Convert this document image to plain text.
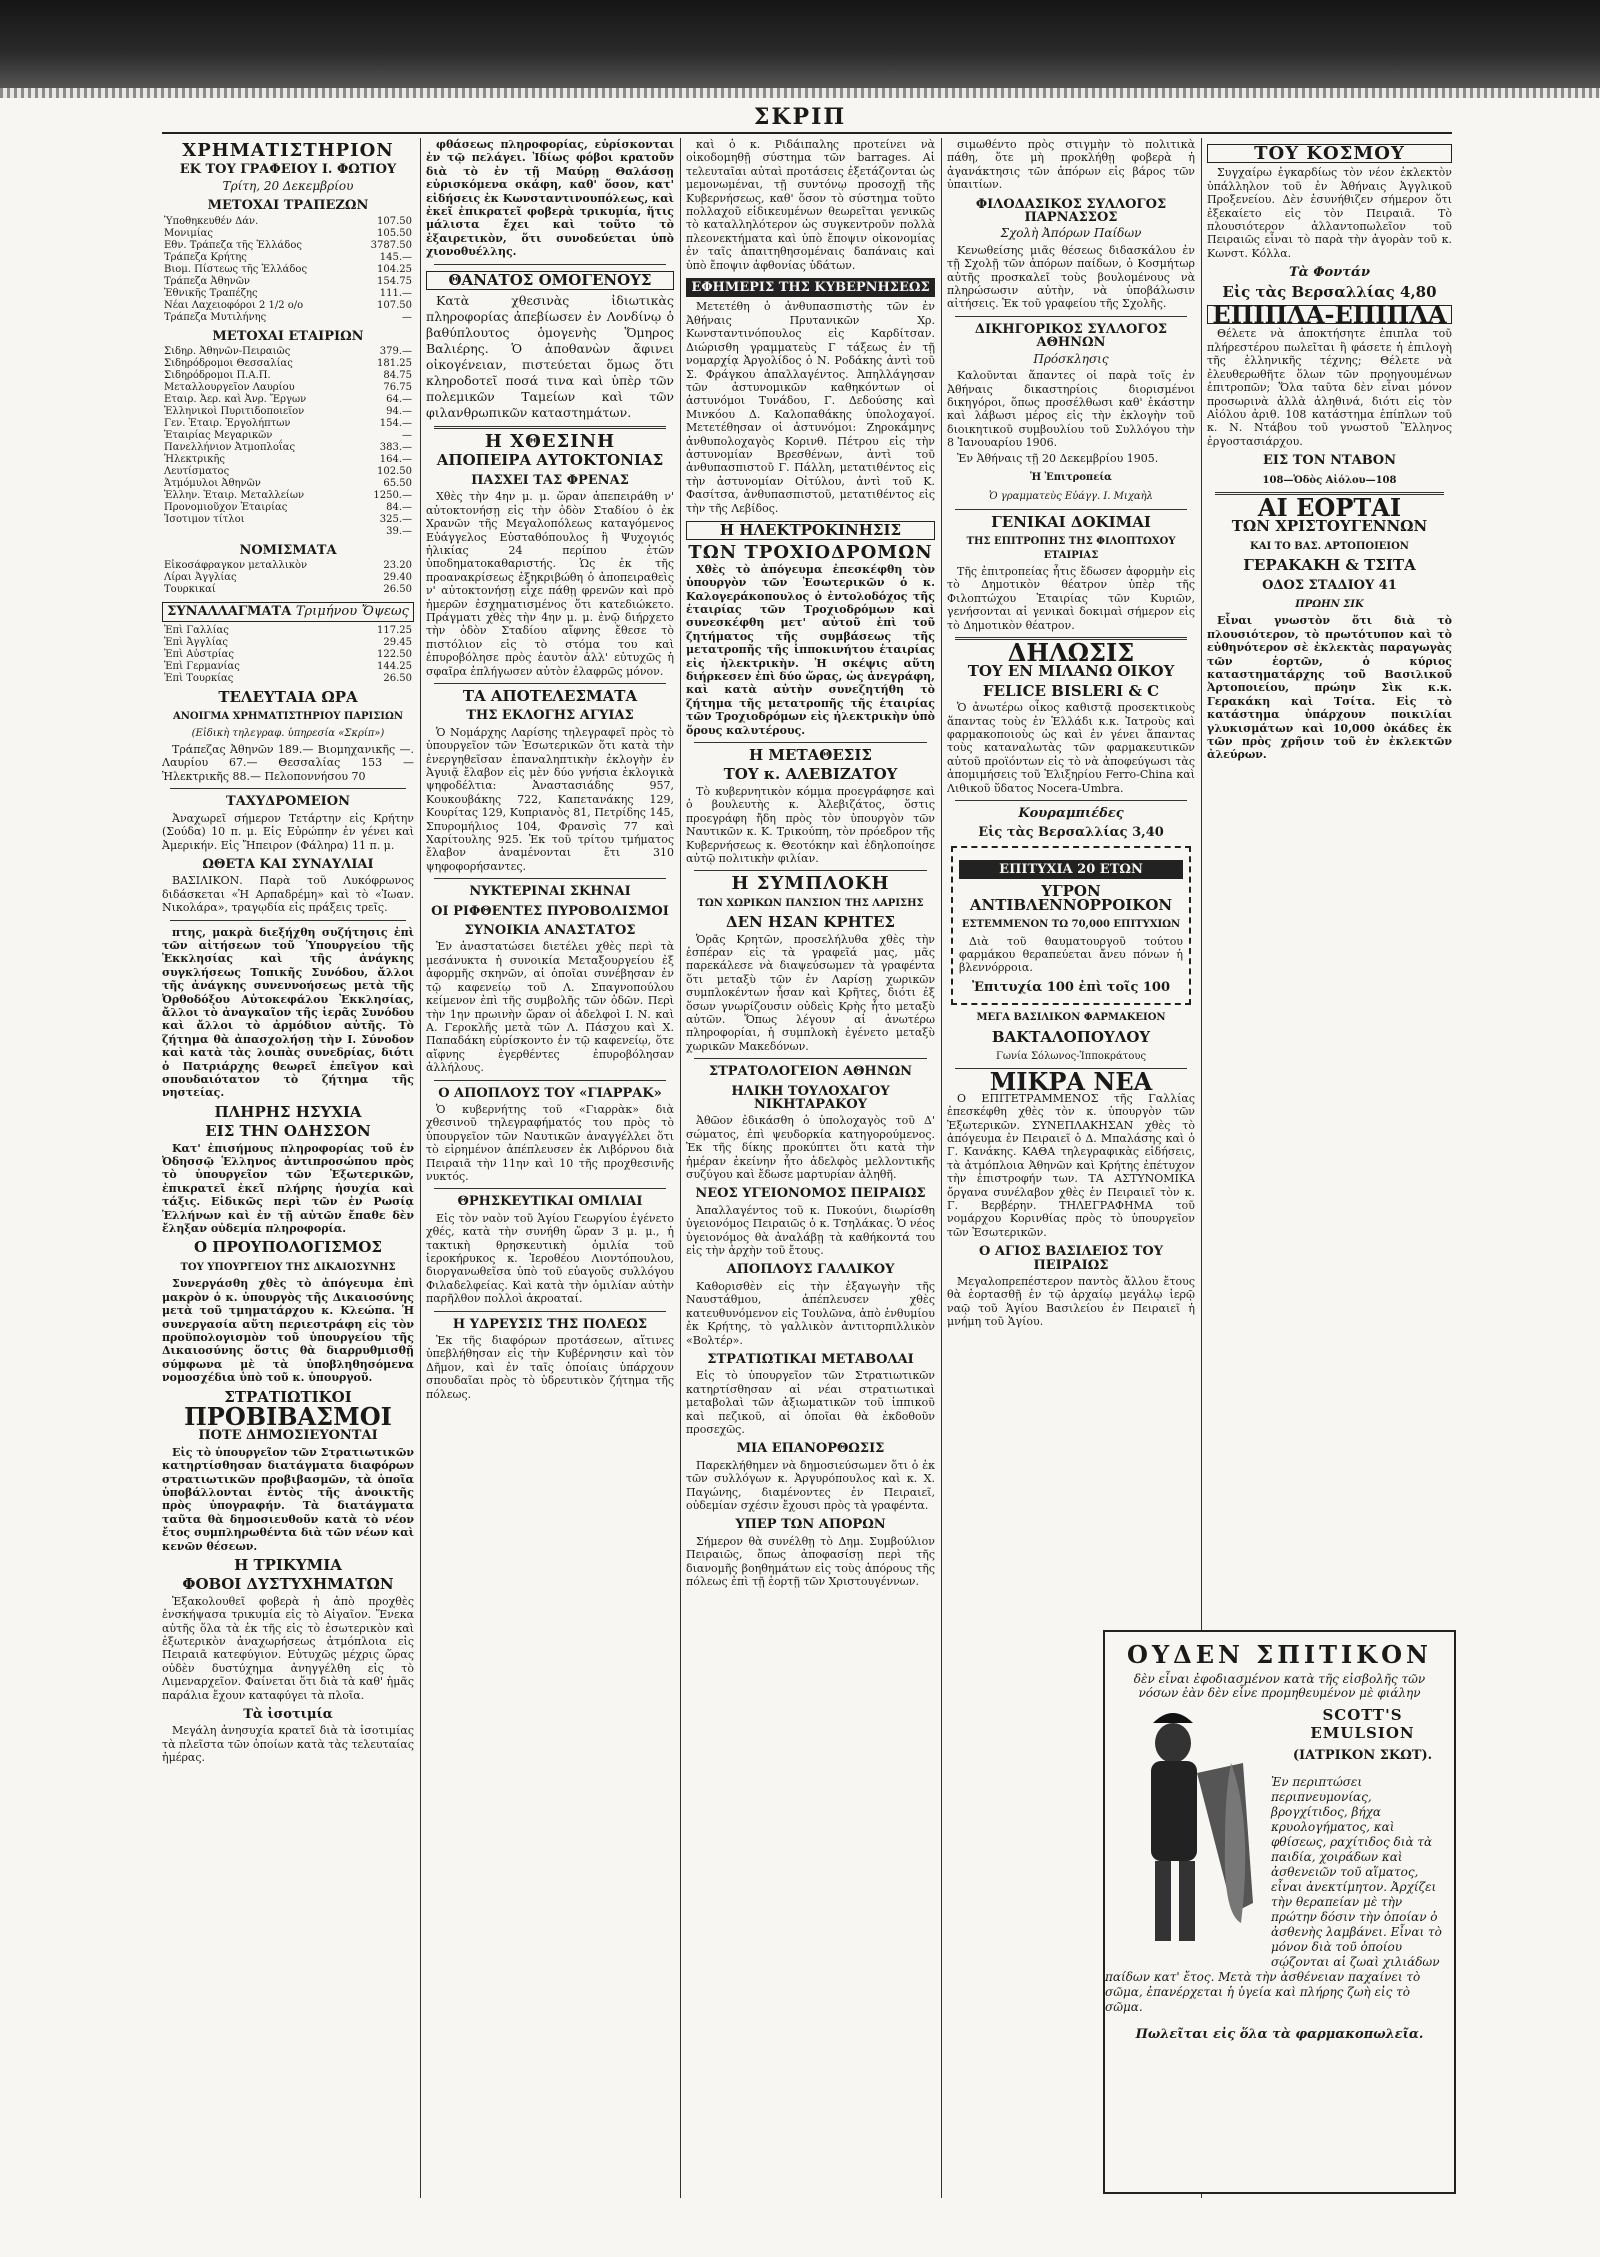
ΣΚΡΙΠ
ΧΡΗΜΑΤΙΣΤΗΡΙΟΝ
ΕΚ ΤΟΥ ΓΡΑΦΕΙΟΥ Ι. ΦΩΤΙΟΥ
Τρίτη, 20 Δεκεμβρίου
ΜΕΤΟΧΑΙ ΤΡΑΠΕΖΩΝ
Ὑποθηκευθέν Δάν.	107.50
Μονιμίας	105.50
Εθν. Τράπεζα τῆς Ἑλλάδος	3787.50
Τράπεζα Κρήτης	145.—
Βιομ. Πίστεως τῆς Ἑλλάδος	104.25
Τράπεζα Ἀθηνῶν	154.75
Ἐθνικῆς Τραπέζης	111.—
Νέαι Λαχειοφόροι 2 1/2 ο/ο	107.50
Τράπεζα Μυτιλήνης	—
ΜΕΤΟΧΑΙ ΕΤΑΙΡΙΩΝ
Σιδηρ. Ἀθηνῶν-Πειραιῶς	379.—
Σιδηρόδρομοι Θεσσαλίας	181.25
Σιδηρόδρομοι Π.Α.Π.	84.75
Μεταλλουργεῖον Λαυρίου	76.75
Εταιρ. Ἀερ. καὶ Ἀνρ. Ἔργων	64.—
Ἑλληνικοὶ Πυριτιδοποιεῖον	94.—
Γεν. Ἑταιρ. Ἐργολήπτων	154.—
Ἑταιρίας Μεγαρικῶν	—
Πανελλήνιον Ἀτμοπλοΐας	383.—
Ἠλεκτρικῆς	164.—
Λευτίσματος	102.50
Ἀτμόμυλοι Ἀθηνῶν	65.50
Ἑλλην. Ἑταιρ. Μεταλλείων	1250.—
Προνομιοῦχον Ἑταιρίας	84.—
Ἰσοτιμον τίτλοι	325.—
	39.—
ΝΟΜΙΣΜΑΤΑ
Εἰκοσάφραγκον μεταλλικὸν	23.20
Λίραι Ἀγγλίας	29.40
Τουρκικαί	26.50
ΣΥΝΑΛΛΑΓΜΑΤΑ Τριμήνου Ὄψεως
Ἐπὶ Γαλλίας	117.25
Ἐπὶ Ἀγγλίας	29.45
Ἐπὶ Αὐστρίας	122.50
Ἐπὶ Γερμανίας	144.25
Ἐπὶ Τουρκίας	26.50
ΤΕΛΕΥΤΑΙΑ ΩΡΑ
ΑΝΟΙΓΜΑ ΧΡΗΜΑΤΙΣΤΗΡΙΟΥ ΠΑΡΙΣΙΩΝ
(Εἰδικὴ τηλεγραφ. ὑπηρεσία «Σκρίπ»)

Τράπεζας Ἀθηνῶν 189.— Βιομηχανικῆς —. Λαυρίου 67.— Θεσσαλίας 153 — Ἠλεκτρικῆς 88.— Πελοποννήσου 70

ΤΑΧΥΔΡΟΜΕΙΟΝ

Ἀναχωρεῖ σήμερον Τετάρτην εἰς Κρήτην (Σούδα) 10 π. μ. Εἰς Εὐρώπην ἐν γένει καὶ Ἀμερικήν. Εἰς Ἤπειρον (Φάληρα) 11 π. μ.

ΩΘΕΤΑ ΚΑΙ ΣΥΝΑΥΛΙΑΙ

ΒΑΣΙΛΙΚΟΝ. Παρὰ τοῦ Λυκόφρωνος διδάσκεται «Ἡ Αρπαδρέμη» καὶ τὸ «Ἰωαν. Νικολάρα», τραγῳδία εἰς πράξεις τρεῖς.

πτης, μακρὰ διεξήχθη συζήτησις ἐπὶ τῶν αἰτήσεων τοῦ Ὑπουργείου τῆς Ἐκκλησίας καὶ τῆς ἀνάγκης συγκλήσεως Τοπικῆς Συνόδου, ἄλλοι τῆς ἀνάγκης συνεννοήσεως μετὰ τῆς Ὀρθοδόξου Αὐτοκεφάλου Ἐκκλησίας, ἄλλοι τὸ ἀναγκαῖον τῆς ἱερᾶς Συνόδου καὶ ἄλλοι τὸ ἀρμόδιον αὐτῆς. Τὸ ζήτημα θὰ ἀπασχολήσῃ τὴν Ι. Σύνοδον καὶ κατὰ τὰς λοιπὰς συνεδρίας, διότι ὁ Πατριάρχης θεωρεῖ ἐπεῖγον καὶ σπουδαιότατον τὸ ζήτημα τῆς νηστείας.

ΠΛΗΡΗΣ ΗΣΥΧΙΑ
ΕΙΣ ΤΗΝ ΟΔΗΣΣΟΝ

Κατ' ἐπισήμους πληροφορίας τοῦ ἐν Ὀδησσῷ Ἑλληνος ἀντιπροσώπου πρὸς τὸ ὑπουργεῖον τῶν Ἐξωτερικῶν, ἐπικρατεῖ ἐκεῖ πλήρης ἡσυχία καὶ τάξις. Εἰδικῶς περὶ τῶν ἐν Ρωσίᾳ Ἑλλήνων καὶ ἐν τῇ αὐτῶν ἔπαθε δὲν ἔληξαν οὐδεμία πληροφορία.

Ο ΠΡΟΥΠΟΛΟΓΙΣΜΟΣ
ΤΟΥ ΥΠΟΥΡΓΕΙΟΥ ΤΗΣ ΔΙΚΑΙΟΣΥΝΗΣ

Συνεργάσθη χθὲς τὸ ἀπόγευμα ἐπὶ μακρὸν ὁ κ. ὑπουργὸς τῆς Δικαιοσύνης μετὰ τοῦ τμηματάρχου κ. Κλεώπα. Ἡ συνεργασία αὕτη περιεστράφη εἰς τὸν προϋπολογισμὸν τοῦ ὑπουργείου τῆς Δικαιοσύνης ὅστις θὰ διαρρυθμισθῇ σύμφωνα μὲ τὰ ὑποβληθησόμενα νομοσχέδια ὑπὸ τοῦ κ. ὑπουργοῦ.

ΣΤΡΑΤΙΩΤΙΚΟΙ
ΠΡΟΒΙΒΑΣΜΟΙ
ΠΟΤΕ ΔΗΜΟΣΙΕΥΟΝΤΑΙ

Εἰς τὸ ὑπουργεῖον τῶν Στρατιωτικῶν κατηρτίσθησαν διατάγματα διαφόρων στρατιωτικῶν προβιβασμῶν, τὰ ὁποῖα ὑποβάλλονται ἐντὸς τῆς ἀνοικτῆς πρὸς ὑπογραφήν. Τὰ διατάγματα ταῦτα θὰ δημοσιευθοῦν κατὰ τὸ νέον ἔτος συμπληρωθέντα διὰ τῶν νέων καὶ κενῶν θέσεων.

Η ΤΡΙΚΥΜΙΑ
ΦΟΒΟΙ ΔΥΣΤΥΧΗΜΑΤΩΝ

Ἐξακολουθεῖ φοβερὰ ἡ ἀπὸ προχθὲς ἐνσκήψασα τρικυμία εἰς τὸ Αἰγαῖον. Ἕνεκα αὐτῆς ὅλα τὰ ἐκ τῆς εἰς τὸ ἐσωτερικὸν καὶ ἐξωτερικὸν ἀναχωρήσεως ἀτμόπλοια εἰς Πειραιᾶ κατεφύγιον. Εὐτυχῶς μέχρις ὥρας οὐδὲν δυστύχημα ἀνηγγέλθη εἰς τὸ Λιμεναρχεῖον. Φαίνεται ὅτι διὰ τὰ καθ' ἡμᾶς παράλια ἔχουν καταφύγει τὰ πλοῖα.

Τὰ ἰσοτιμία

Μεγάλη ἀνησυχία κρατεῖ διὰ τὰ ἰσοτιμίας τὰ πλεῖστα τῶν ὁποίων κατὰ τὰς τελευταίας ἡμέρας.

φθάσεως πληροφορίας, εὑρίσκονται ἐν τῷ πελάγει. Ἰδίως φόβοι κρατοῦν διὰ τὸ ἐν τῇ Μαύρῃ Θαλάσσῃ εὑρισκόμενα σκάφη, καθ' ὅσον, κατ' εἰδήσεις ἐκ Κωνσταντινουπόλεως, καὶ ἐκεῖ ἐπικρατεῖ φοβερὰ τρικυμία, ἥτις μάλιστα ἔχει καὶ τοῦτο τὸ ἐξαιρετικὸν, ὅτι συνοδεύεται ὑπὸ χιονοθυέλλης.

ΘΑΝΑΤΟΣ ΟΜΟΓΕΝΟΥΣ

Κατὰ χθεσινὰς ἰδιωτικὰς πληροφορίας ἀπεβίωσεν ἐν Λονδίνῳ ὁ βαθύπλουτος ὁμογενὴς Ὅμηρος Βαλιέρης. Ὁ ἀποθανὼν ἄφινει οἰκογένειαν, πιστεύεται ὅμως ὅτι κληροδοτεῖ ποσά τινα καὶ ὑπὲρ τῶν πολεμικῶν Ταμείων καὶ τῶν φιλανθρωπικῶν καταστημάτων.

Η ΧΘΕΣΙΝΗ
ΑΠΟΠΕΙΡΑ ΑΥΤΟΚΤΟΝΙΑΣ
ΠΑΣΧΕΙ ΤΑΣ ΦΡΕΝΑΣ

Χθὲς τὴν 4ην μ. μ. ὥραν ἀπεπειράθη ν' αὐτοκτονήσῃ εἰς τὴν ὁδὸν Σταδίου ὁ ἐκ Χρανῶν τῆς Μεγαλοπόλεως καταγόμενος Εὐάγγελος Εὐσταθόπουλος ἢ Ψυχογιός ἡλικίας 24 περίπου ἐτῶν ὑποδηματοκαθαριστής. Ὡς ἐκ τῆς προανακρίσεως ἐξηκριβώθη ὁ ἀποπειραθεὶς ν' αὐτοκτονήσῃ εἶχε πάθῃ φρενῶν καὶ πρὸ ἡμερῶν ἐσχηματισμένος ὅτι κατεδιώκετο. Πράγματι χθὲς τὴν 4ην μ. μ. ἐνῷ διήρχετο τὴν ὁδὸν Σταδίου αἴφνης ἔθεσε τὸ πιστόλιον εἰς τὸ στόμα του καὶ ἐπυροβόλησε πρὸς ἑαυτὸν ἀλλ' εὐτυχῶς ἡ σφαῖρα ἐπλήγωσεν αὐτὸν ἐλαφρῶς μόνον.

ΤΑ ΑΠΟΤΕΛΕΣΜΑΤΑ
ΤΗΣ ΕΚΛΟΓΗΣ ΑΓΥΙΑΣ

Ὁ Νομάρχης Λαρίσης τηλεγραφεῖ πρὸς τὸ ὑπουργεῖον τῶν Ἐσωτερικῶν ὅτι κατὰ τὴν ἐνεργηθεῖσαν ἐπαναληπτικὴν ἐκλογὴν ἐν Ἀγυιᾷ ἔλαβον εἰς μὲν δύο γνήσια ἐκλογικὰ ψηφοδέλτια: Ἀναστασιάδης 957, Κουκουβάκης 722, Καπετανάκης 129, Κουρίτας 129, Κυπριανὸς 81, Πετρίδης 145, Σπυρομήλιος 104, Φρανσὶς 77 καὶ Χαρίτουλης 925. Ἐκ τοῦ τρίτου τμήματος ἔλαβον ἀναμένονται ἔτι 310 ψηφοφορήσαντες.

ΝΥΚΤΕΡΙΝΑΙ ΣΚΗΝΑΙ
ΟΙ ΡΙΦΘΕΝΤΕΣ ΠΥΡΟΒΟΛΙΣΜΟΙ
ΣΥΝΟΙΚΙΑ ΑΝΑΣΤΑΤΟΣ

Ἐν ἀναστατώσει διετέλει χθὲς περὶ τὰ μεσάνυκτα ἡ συνοικία Μεταξουργείου ἐξ ἀφορμῆς σκηνῶν, αἱ ὁποῖαι συνέβησαν ἐν τῷ καφενείῳ τοῦ Λ. Σπαγνοπούλου κείμενον ἐπὶ τῆς συμβολῆς τῶν ὁδῶν. Περὶ τὴν 1ην πρωινὴν ὥραν οἱ ἀδελφοὶ Ι. Ν. καὶ Α. Γεροκλῆς μετὰ τῶν Λ. Πάσχου καὶ Χ. Παπαδάκη εὑρίσκοντο ἐν τῷ καφενείῳ, ὅτε αἴφνης ἐγερθέντες ἐπυροβόλησαν ἀλλήλους.

Ο ΑΠΟΠΛΟΥΣ ΤΟΥ «ΓΙΑΡΡΑΚ»

Ὁ κυβερνήτης τοῦ «Γιαρρὰκ» διὰ χθεσινοῦ τηλεγραφήματός του πρὸς τὸ ὑπουργεῖον τῶν Ναυτικῶν ἀναγγέλλει ὅτι τὸ εἰρημένον ἀπέπλευσεν ἐκ Λιβόρνου διὰ Πειραιᾶ τὴν 11ην καὶ 10 τῆς προχθεσινῆς νυκτός.

ΘΡΗΣΚΕΥΤΙΚΑΙ ΟΜΙΛΙΑΙ

Εἰς τὸν ναὸν τοῦ Ἁγίου Γεωργίου ἐγένετο χθές, κατὰ τὴν συνήθη ὥραν 3 μ. μ., ἡ τακτικὴ θρησκευτικὴ ὁμιλία τοῦ ἱεροκήρυκος κ. Ἱεροθέου Λιοντόπουλου, διοργανωθεῖσα ὑπὸ τοῦ εὐαγοῦς συλλόγου Φιλαδελφείας. Καὶ κατὰ τὴν ὁμιλίαν αὐτὴν παρῆλθον πολλοὶ ἀκροαταί.

Η ΥΔΡΕΥΣΙΣ ΤΗΣ ΠΟΛΕΩΣ

Ἐκ τῆς διαφόρων προτάσεων, αἵτινες ὑπεβλήθησαν εἰς τὴν Κυβέρνησιν καὶ τὸν Δῆμον, καὶ ἐν ταῖς ὁποίαις ὑπάρχουν σπουδαῖαι πρὸς τὸ ὑδρευτικὸν ζήτημα τῆς πόλεως.

καὶ ὁ κ. Ριδάιπαλης προτείνει νὰ οἰκοδομηθῇ σύστημα τῶν barrages. Αἱ τελευταῖαι αὐταὶ προτάσεις ἐξετάζονται ὡς μεμονωμέναι, τῇ συντόνῳ προσοχῇ τῆς Κυβερνήσεως, καθ' ὅσον τὸ σύστημα τοῦτο πολλαχοῦ εἰδικευμένων θεωρεῖται γενικῶς τὸ καταλληλότερον ὡς συγκεντροῦν πολλὰ πλεονεκτήματα καὶ ὑπὸ ἔποψιν οἰκονομίας ἐν ταῖς ἀπαιτηθησομέναις δαπάναις καὶ ὑπὸ ἔποψιν ἀφθονίας ὑδάτων.

ΕΦΗΜΕΡΙΣ ΤΗΣ ΚΥΒΕΡΝΗΣΕΩΣ

Μετετέθη ὁ ἀνθυπασπιστὴς τῶν ἐν Ἀθήναις Πρυτανικῶν Χρ. Κωνσταντινόπουλος εἰς Καρδίτσαν. Διώρισθη γραμματεὺς Γ τάξεως ἐν τῇ νομαρχίᾳ Ἀργολίδος ὁ Ν. Ροδάκης ἀντὶ τοῦ Σ. Φράγκου ἀπαλλαγέντος. Ἀπηλλάγησαν τῶν ἀστυνομικῶν καθηκόντων οἱ ἀστυνόμοι Τυνάδου, Γ. Δεδούσης καὶ Μινκόου Δ. Καλοπαθάκης ὑπολοχαγοί. Μετετέθησαν οἱ ἀστυνόμοι: Ζηροκάμηνς ἀνθυπολοχαγὸς Κορινθ. Πέτρου εἰς τὴν ἀστυνομίαν Βρεσθένων, ἀντὶ τοῦ ἀνθυπασπιστοῦ Γ. Πάλλη, μετατιθέντος εἰς τὴν ἀστυνομίαν Οἰτύλου, ἀντὶ τοῦ Κ. Φασίτσα, ἀνθυπασπιστοῦ, μετατιθέντος εἰς τὴν τῆς Λεβίδος.

Η ΗΛΕΚΤΡΟΚΙΝΗΣΙΣ
ΤΩΝ ΤΡΟΧΙΟΔΡΟΜΩΝ

Χθὲς τὸ ἀπόγευμα ἐπεσκέφθη τὸν ὑπουργὸν τῶν Ἐσωτερικῶν ὁ κ. Καλογεράκοπουλος ὁ ἐντολοδόχος τῆς ἑταιρίας τῶν Τροχιοδρόμων καὶ συνεσκέφθη μετ' αὐτοῦ ἐπὶ τοῦ ζητήματος τῆς συμβάσεως τῆς μετατροπῆς τῆς ἱπποκινήτου ἑταιρίας εἰς ἠλεκτρικὴν. Ἡ σκέψις αὕτη διήρκεσεν ἐπὶ δύο ὥρας, ὡς ἀνεγράφη, καὶ κατὰ αὐτὴν συνεζητήθη τὸ ζήτημα τῆς μετατροπῆς τῆς ἑταιρίας τῶν Τροχιοδρόμων εἰς ἠλεκτρικὴν ὑπὸ ὅρους καλυτέρους.

Η ΜΕΤΑΘΕΣΙΣ
ΤΟΥ κ. ΑΛΕΒΙΖΑΤΟΥ

Τὸ κυβερνητικὸν κόμμα προεγράφησε καὶ ὁ βουλευτὴς κ. Ἀλεβιζάτος, ὅστις προεγράφη ἤδη πρὸς τὸν ὑπουργὸν τῶν Ναυτικῶν κ. Κ. Τρικούπη, τὸν πρόεδρον τῆς Κυβερνήσεως κ. Θεοτόκην καὶ ἐδηλοποίησε αὐτῷ πολιτικὴν φιλίαν.

Η ΣΥΜΠΛΟΚΗ
ΤΩΝ ΧΩΡΙΚΩΝ ΠΑΝΣΙΟΝ ΤΗΣ ΛΑΡΙΣΗΣ
ΔΕΝ ΗΣΑΝ ΚΡΗΤΕΣ

Ὁρᾶς Κρητῶν, προσελήλυθα χθὲς τὴν ἑσπέραν εἰς τὰ γραφεῖά μας, μᾶς παρεκάλεσε νὰ διαψεύσωμεν τὰ γραφέντα ὅτι μεταξὺ τῶν ἐν Λαρίσῃ χωρικῶν συμπλοκέντων ἦσαν καὶ Κρῆτες, διότι ἐξ ὅσων γνωρίζουσιν οὐδεὶς Κρὴς ἦτο μεταξὺ αὐτῶν. Ὅπως λέγουν αἱ ἀνωτέρω πληροφορίαι, ἡ συμπλοκὴ ἐγένετο μεταξὺ χωρικῶν Μακεδόνων.

ΣΤΡΑΤΟΛΟΓΕΙΟΝ ΑΘΗΝΩΝ
ΗΛΙΚΗ ΤΟΥΛΟΧΑΓΟΥ ΝΙΚΗΤΑΡΑΚΟΥ

Ἀθῶον ἐδικάσθη ὁ ὑπολοχαγὸς τοῦ Δ' σώματος, ἐπὶ ψευδορκία κατηγορούμενος. Ἐκ τῆς δίκης προκύπτει ὅτι κατὰ τὴν ἡμέραν ἐκείνην ἦτο ἀδελφὸς μελλοντικῆς συζύγου καὶ ἔδωσε μαρτυρίαν ἀληθῆ.

ΝΕΟΣ ΥΓΕΙΟΝΟΜΟΣ ΠΕΙΡΑΙΩΣ

Ἀπαλλαγέντος τοῦ κ. Πυκούνι, διωρίσθη ὑγειονόμος Πειραιῶς ὁ κ. Τσηλάκας. Ὁ νέος ὑγειονόμος θὰ ἀναλάβῃ τὰ καθήκοντά του εἰς τὴν ἀρχὴν τοῦ ἔτους.

ΑΠΟΠΛΟΥΣ ΓΑΛΛΙΚΟΥ

Καθορισθὲν εἰς τὴν ἐξαγωγὴν τῆς Ναυστάθμου, ἀπέπλευσεν χθὲς κατευθυνόμενον εἰς Τουλῶνα, ἀπὸ ἐνθυμίου ἐκ Κρήτης, τὸ γαλλικὸν ἀντιτορπιλλικὸν «Βολτέρ».

ΣΤΡΑΤΙΩΤΙΚΑΙ ΜΕΤΑΒΟΛΑΙ

Εἰς τὸ ὑπουργεῖον τῶν Στρατιωτικῶν κατηρτίσθησαν αἱ νέαι στρατιωτικαὶ μεταβολαὶ τῶν ἀξιωματικῶν τοῦ ἱππικοῦ καὶ πεζικοῦ, αἱ ὁποῖαι θὰ ἐκδοθοῦν προσεχῶς.

ΜΙΑ ΕΠΑΝΟΡΘΩΣΙΣ

Παρεκλήθημεν νὰ δημοσιεύσωμεν ὅτι ὁ ἐκ τῶν συλλόγων κ. Ἀργυρόπουλος καὶ κ. Χ. Παγώνης, διαμένοντες ἐν Πειραιεῖ, οὐδεμίαν σχέσιν ἔχουσι πρὸς τὰ γραφέντα.

ΥΠΕΡ ΤΩΝ ΑΠΟΡΩΝ

Σήμερον θὰ συνέλθῃ τὸ Δημ. Συμβούλιον Πειραιῶς, ὅπως ἀποφασίσῃ περὶ τῆς διανομῆς βοηθημάτων εἰς τοὺς ἀπόρους τῆς πόλεως ἐπὶ τῇ ἑορτῇ τῶν Χριστουγέννων.

σιμωθέντο πρὸς στιγμὴν τὸ πολιτικὰ πάθη, ὅτε μὴ προκλήθῃ φοβερὰ ἡ ἀγανάκτησις τῶν ἀπόρων εἰς βάρος τῶν ὑπαιτίων.

ΦΙΛΟΔΑΣΙΚΟΣ ΣΥΛΛΟΓΟΣ ΠΑΡΝΑΣΣΟΣ
Σχολὴ Ἀπόρων Παίδων

Κενωθείσης μιᾶς θέσεως διδασκάλου ἐν τῇ Σχολῇ τῶν ἀπόρων παίδων, ὁ Κοσμήτωρ αὐτῆς προσκαλεῖ τοὺς βουλομένους νὰ πληρώσωσιν αὐτὴν, νὰ ὑποβάλωσιν αἰτήσεις. Ἐκ τοῦ γραφείου τῆς Σχολῆς.

ΔΙΚΗΓΟΡΙΚΟΣ ΣΥΛΛΟΓΟΣ ΑΘΗΝΩΝ
Πρόσκλησις

Καλοῦνται ἅπαντες οἱ παρὰ τοῖς ἐν Ἀθήναις δικαστηρίοις διορισμένοι δικηγόροι, ὅπως προσέλθωσι καθ' ἑκάστην καὶ λάβωσι μέρος εἰς τὴν ἐκλογὴν τοῦ διοικητικοῦ συμβουλίου τοῦ Συλλόγου τὴν 8 Ἰανουαρίου 1906.

Ἐν Ἀθήναις τῇ 20 Δεκεμβρίου 1905.

Ἡ Ἐπιτροπεία
Ὁ γραμματεὺς Εὐάγγ. Ι. Μιχαὴλ
ΓΕΝΙΚΑΙ ΔΟΚΙΜΑΙ
ΤΗΣ ΕΠΙΤΡΟΠΗΣ ΤΗΣ ΦΙΛΟΠΤΩΧΟΥ ΕΤΑΙΡΙΑΣ

Τῆς ἐπιτροπείας ἧτις ἔδωσεν ἀφορμὴν εἰς τὸ Δημοτικὸν θέατρον ὑπὲρ τῆς Φιλοπτώχου Ἑταιρίας τῶν Κυριῶν, γενήσονται αἱ γενικαὶ δοκιμαὶ σήμερον εἰς τὸ Δημοτικὸν θέατρον.

ΔΗΛΩΣΙΣ
ΤΟΥ ΕΝ ΜΙΛΑΝΩ ΟΙΚΟΥ
FELICE BISLERI & C

Ὁ ἀνωτέρω οἶκος καθιστᾷ προσεκτικοὺς ἅπαντας τοὺς ἐν Ἑλλάδι κ.κ. Ἰατροὺς καὶ φαρμακοποιοὺς ὡς καὶ ἐν γένει ἅπαντας τοὺς καταναλωτὰς τῶν φαρμακευτικῶν αὐτοῦ προϊόντων εἰς τὸ νὰ ἀποφεύγωσι τὰς ἀπομιμήσεις τοῦ Ἐλιξηρίου Ferro-China καὶ Λιθικοῦ ὕδατος Nocera-Umbra.

Κουραμπιέδες
Εἰς τὰς Βερσαλλίας 3,40
ΕΠΙΤΥΧΙΑ 20 ΕΤΩΝ
ΥΓΡΟΝ ΑΝΤΙΒΛΕΝΝΟΡΡΟΙΚΟΝ
ΕΣΤΕΜΜΕΝΟΝ ΤΩ 70,000 ΕΠΙΤΥΧΙΩΝ

Διὰ τοῦ θαυματουργοῦ τούτου φαρμάκου θεραπεύεται ἄνευ πόνων ἡ βλεννόρροια.

Ἐπιτυχία 100 ἐπὶ τοῖς 100
ΜΕΓΑ ΒΑΣΙΛΙΚΟΝ ΦΑΡΜΑΚΕΙΟΝ
ΒΑΚΤΑΛΟΠΟΥΛΟΥ
Γωνία Σόλωνος-Ἱπποκράτους
ΜΙΚΡΑ ΝΕΑ

Ο ΕΠΙΤΕΤΡΑΜΜΕΝΟΣ τῆς Γαλλίας ἐπεσκέφθη χθὲς τὸν κ. ὑπουργὸν τῶν Ἐξωτερικῶν. ΣΥΝΕΠΛΑΚΗΣΑΝ χθὲς τὸ ἀπόγευμα ἐν Πειραιεῖ ὁ Δ. Μπαλάσης καὶ ὁ Γ. Κανάκης. ΚΑΘΑ τηλεγραφικὰς εἰδήσεις, τὰ ἀτμόπλοια Ἀθηνῶν καὶ Κρήτης ἐπέτυχον τὴν ἐπιστροφήν των. ΤΑ ΑΣΤΥΝΟΜΙΚΑ ὄργανα συνέλαβον χθὲς ἐν Πειραιεῖ τὸν κ. Γ. Βερβέρην. ΤΗΛΕΓΡΑΦΗΜΑ τοῦ νομάρχου Κορινθίας πρὸς τὸ ὑπουργεῖον τῶν Ἐσωτερικῶν.

Ο ΑΓΙΟΣ ΒΑΣΙΛΕΙΟΣ ΤΟΥ ΠΕΙΡΑΙΩΣ

Μεγαλοπρεπέστερον παντὸς ἄλλου ἔτους θὰ ἑορτασθῇ ἐν τῷ ἀρχαίῳ μεγάλῳ ἱερῷ ναῷ τοῦ Ἁγίου Βασιλείου ἐν Πειραιεῖ ἡ μνήμη τοῦ Ἁγίου.

ΤΟΥ ΚΟΣΜΟΥ

Συγχαίρω ἐγκαρδίως τὸν νέον ἐκλεκτὸν ὑπάλληλον τοῦ ἐν Ἀθήναις Ἀγγλικοῦ Προξενείου. Δὲν ἐσυνήθιζεν σήμερον ὅτι ἐξεκαίετο εἰς τὸν Πειραιᾶ. Τὸ πλουσιότερον ἀλλαντοπωλεῖον τοῦ Πειραιῶς εἶναι τὸ παρὰ τὴν ἀγορὰν τοῦ κ. Κωνστ. Κόλλα.

Τὰ Φοντάν
Εἰς τὰς Βερσαλλίας 4,80
ΕΠΙΠΛΑ-ΕΠΙΠΛΑ

Θέλετε νὰ ἀποκτήσητε ἐπιπλα τοῦ πλήρεστέρου πωλεῖται ἢ φάσετε ἡ ἐπιλογὴ τῆς ἑλληνικῆς τέχνης; Θέλετε νὰ ἐλευθερωθῆτε ὅλων τῶν προηγουμένων ἐπιτροπῶν; Ὅλα ταῦτα δὲν εἶναι μόνον προσωρινὰ ἀλλὰ ἀληθινά, διότι εἰς τὸν Αἰόλου ἀριθ. 108 κατάστημα ἐπίπλων τοῦ κ. Ν. Ντάβου τοῦ γνωστοῦ Ἕλληνος ἐργοστασιάρχου.

ΕΙΣ ΤΟΝ ΝΤΑΒΟΝ
108—Ὁδὸς Αἰόλου—108
ΑΙ ΕΟΡΤΑΙ
ΤΩΝ ΧΡΙΣΤΟΥΓΕΝΝΩΝ
ΚΑΙ ΤΟ ΒΑΣ. ΑΡΤΟΠΟΙΕΙΟΝ
ΓΕΡΑΚΑΚΗ & ΤΣΙΤΑ
ΟΔΟΣ ΣΤΑΔΙΟΥ 41
ΠΡΩΗΝ ΣΙΚ

Εἶναι γνωστὸν ὅτι διὰ τὸ πλουσιότερον, τὸ πρωτότυπον καὶ τὸ εὐθηνότερον σὲ ἐκλεκτὰς παραγωγὰς τῶν ἑορτῶν, ὁ κύριος καταστηματάρχης τοῦ Βασιλικοῦ Ἀρτοποιείου, πρώην Σὶκ κ.κ. Γερακάκη καὶ Τσίτα. Εἰς τὸ κατάστημα ὑπάρχουν ποικιλίαι γλυκισμάτων καὶ 10,000 ὀκάδες ἐκ τῶν πρὸς χρῆσιν τοῦ ἐν ἐκλεκτῶν ἀλεύρων.

ΟΥΔΕΝ ΣΠΙΤΙΚΟΝ
δὲν εἶναι ἐφοδιασμένον κατὰ τῆς εἰσβολῆς τῶν νόσων ἐὰν δὲν εἶνε προμηθευμένον μὲ φιάλην
SCOTT'S EMULSION
(ΙΑΤΡΙΚΟΝ ΣΚΩΤ).

Ἐν περιπτώσει περιπνευμονίας, βρογχίτιδος, βήχα κρυολογήματος, καὶ φθίσεως, ραχίτιδος διὰ τὰ παιδία, χοιράδων καὶ ἀσθενειῶν τοῦ αἵματος, εἶναι ἀνεκτίμητον. Ἀρχίζει τὴν θεραπείαν μὲ τὴν πρώτην δόσιν τὴν ὁποίαν ὁ ἀσθενὴς λαμβάνει. Εἶναι τὸ μόνον διὰ τοῦ ὁποίου σῴζονται αἱ ζωαὶ χιλιάδων παίδων κατ' ἔτος. Μετὰ τὴν ἀσθένειαν παχαίνει τὸ σῶμα, ἐπανέρχεται ἡ ὑγεία καὶ πλήρης ζωὴ εἰς τὸ σῶμα.

Πωλεῖται εἰς ὅλα τὰ φαρμακοπωλεῖα.
